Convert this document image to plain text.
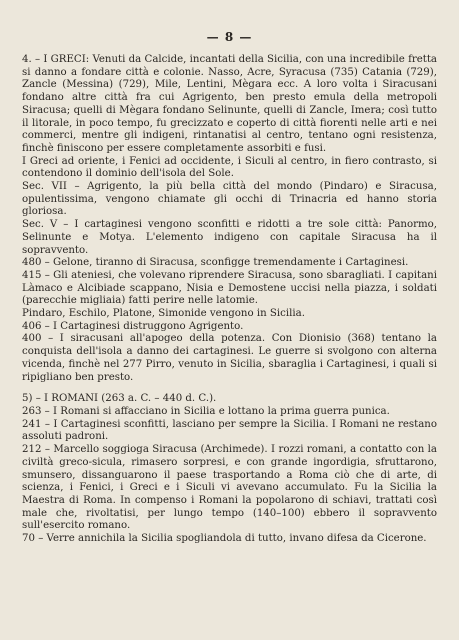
— 8 —

4. – I GRECI: Venuti da Calcide, incantati della Sicilia, con una incredibile fretta si danno a fondare città e colonie. Nasso, Acre, Syracusa (735) Catania (729), Zancle (Messina) (729), Mile, Lentini, Mègara ecc. A loro volta i Siracusani fondano altre città fra cui Agrigento, ben presto emula della metropoli Siracusa; quelli di Mègara fondano Selinunte, quelli di Zancle, Imera; così tutto il litorale, in poco tempo, fu grecizzato e coperto di città fiorenti nelle arti e nei commerci, mentre gli indigeni, rintanatisi al centro, tentano ogni resistenza, finchè finiscono per essere completamente assorbiti e fusi.

I Greci ad oriente, i Fenici ad occidente, i Siculi al centro, in fiero contrasto, si contendono il dominio dell'isola del Sole.

Sec. VII – Agrigento, la più bella città del mondo (Pindaro) e Siracusa, opulentissima, vengono chiamate gli occhi di Trinacria ed hanno storia gloriosa.

Sec. V – I cartaginesi vengono sconfitti e ridotti a tre sole città: Panormo, Selinunte e Motya. L'elemento indigeno con capitale Siracusa ha il sopravvento.

480 – Gelone, tiranno di Siracusa, sconfigge tremendamente i Cartaginesi.

415 – Gli ateniesi, che volevano riprendere Siracusa, sono sbaragliati. I capitani Làmaco e Alcibiade scappano, Nisia e Demostene uccisi nella piazza, i soldati (parecchie migliaia) fatti perire nelle latomie.

Pindaro, Eschilo, Platone, Simonide vengono in Sicilia.

406 – I Cartaginesi distruggono Agrigento.

400 – I siracusani all'apogeo della potenza. Con Dionisio (368) tentano la conquista dell'isola a danno dei cartaginesi. Le guerre si svolgono con alterna vicenda, finchè nel 277 Pirro, venuto in Sicilia, sbaraglia i Cartaginesi, i quali si ripigliano ben presto.

5) – I ROMANI (263 a. C. – 440 d. C.).

263 – I Romani si affacciano in Sicilia e lottano la prima guerra punica.

241 – I Cartaginesi sconfitti, lasciano per sempre la Sicilia. I Romani ne restano assoluti padroni.

212 – Marcello soggioga Siracusa (Archimede). I rozzi romani, a contatto con la civiltà greco-sicula, rimasero sorpresi, e con grande ingordigia, sfruttarono, smunsero, dissanguarono il paese trasportando a Roma ciò che di arte, di scienza, i Fenici, i Greci e i Siculi vi avevano accumulato. Fu la Sicilia la Maestra di Roma. In compenso i Romani la popolarono di schiavi, trattati così male che, rivoltatisi, per lungo tempo (140–100) ebbero il sopravvento sull'esercito romano.

70 – Verre annichila la Sicilia spogliandola di tutto, invano difesa da Cicerone.
